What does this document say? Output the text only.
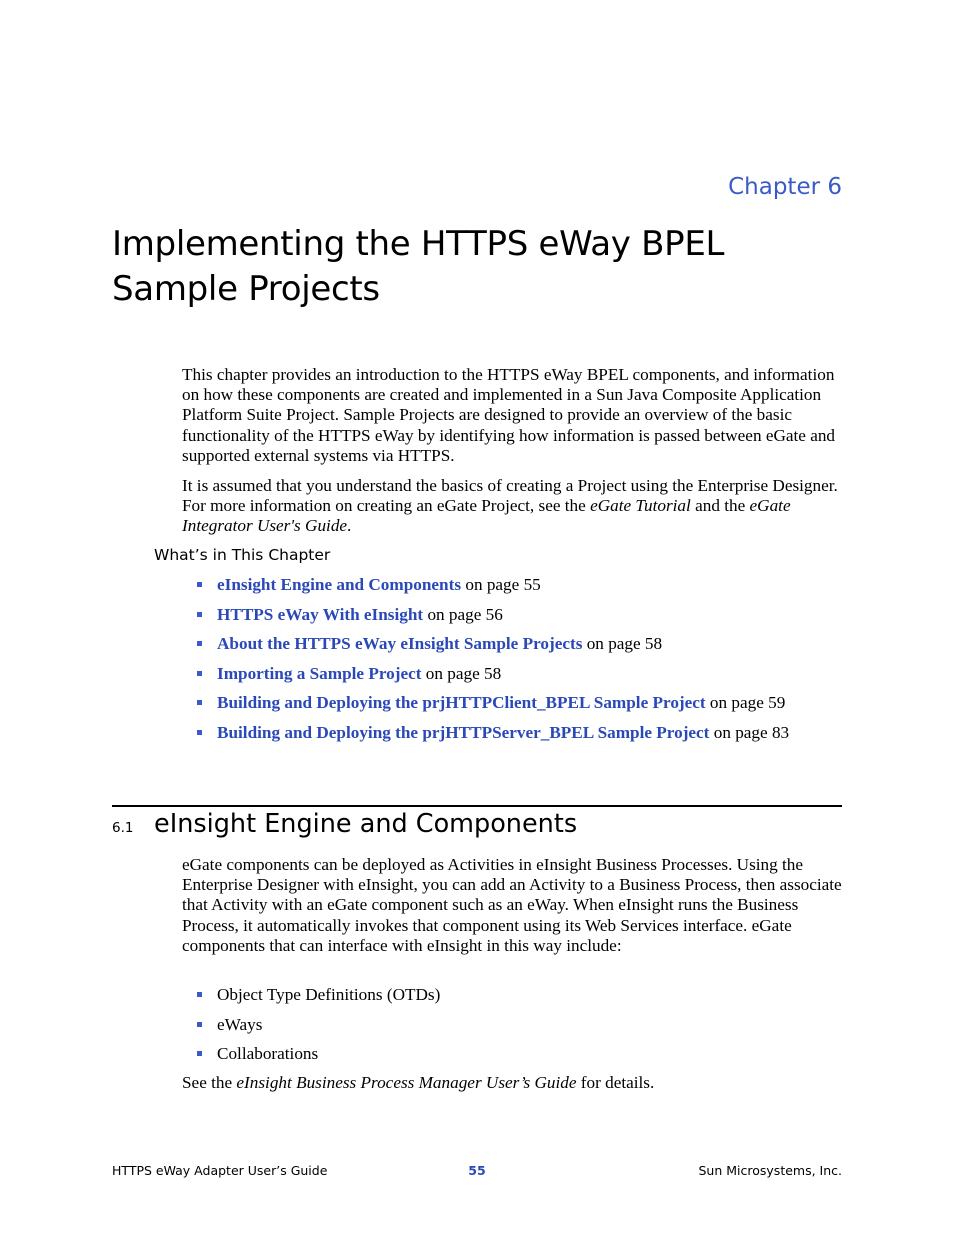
Chapter 6
Implementing the HTTPS eWay BPEL Sample Projects
This chapter provides an introduction to the HTTPS eWay BPEL components, and information on how these components are created and implemented in a Sun Java Composite Application Platform Suite Project. Sample Projects are designed to provide an overview of the basic functionality of the HTTPS eWay by identifying how information is passed between eGate and supported external systems via HTTPS.
It is assumed that you understand the basics of creating a Project using the Enterprise Designer. For more information on creating an eGate Project, see the eGate Tutorial and the eGate Integrator User's Guide.
What’s in This Chapter
eInsight Engine and Components on page 55
HTTPS eWay With eInsight on page 56
About the HTTPS eWay eInsight Sample Projects on page 58
Importing a Sample Project on page 58
Building and Deploying the prjHTTPClient_BPEL Sample Project on page 59
Building and Deploying the prjHTTPServer_BPEL Sample Project on page 83
6.1 eInsight Engine and Components
eGate components can be deployed as Activities in eInsight Business Processes. Using the Enterprise Designer with eInsight, you can add an Activity to a Business Process, then associate that Activity with an eGate component such as an eWay. When eInsight runs the Business Process, it automatically invokes that component using its Web Services interface. eGate components that can interface with eInsight in this way include:
Object Type Definitions (OTDs)
eWays
Collaborations
See the eInsight Business Process Manager User’s Guide for details.
HTTPS eWay Adapter User’s Guide	55	Sun Microsystems, Inc.
